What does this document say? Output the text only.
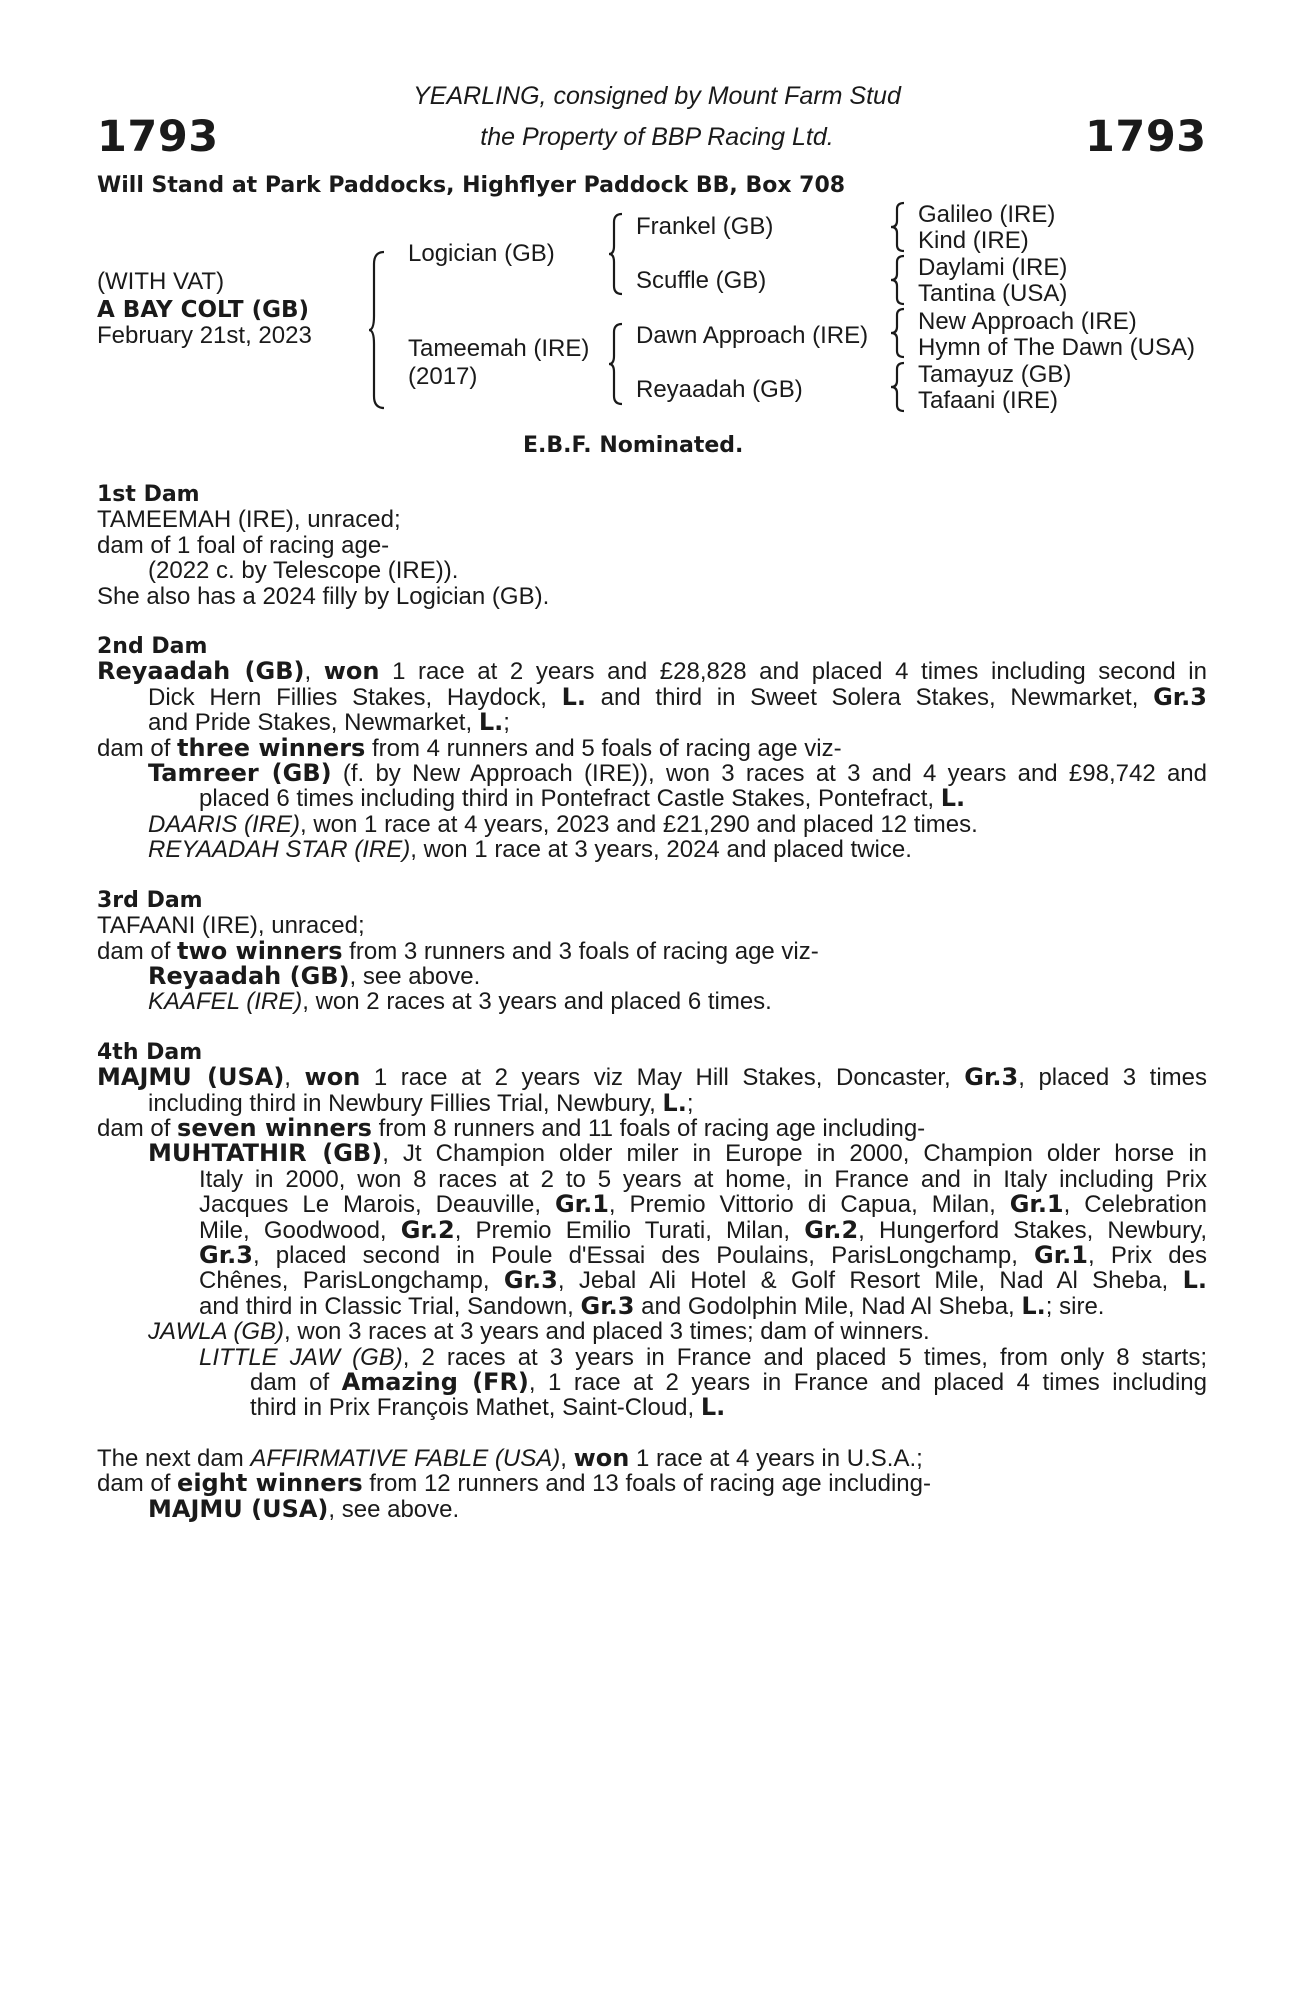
1793	1793
YEARLING, consigned by Mount Farm Stud
the Property of BBP Racing Ltd.
Will Stand at Park Paddocks, Highflyer Paddock BB, Box 708
(WITH VAT)
A BAY COLT (GB)
February 21st, 2023
Logician (GB)
Tameemah (IRE)
(2017)
Frankel (GB)
Scuffle (GB)
Dawn Approach (IRE)
Reyaadah (GB)
Galileo (IRE)
Kind (IRE)
Daylami (IRE)
Tantina (USA)
New Approach (IRE)
Hymn of The Dawn (USA)
Tamayuz (GB)
Tafaani (IRE)
E.B.F. Nominated.
1st Dam
TAMEEMAH (IRE), unraced;
dam of 1 foal of racing age-
(2022 c. by Telescope (IRE)).
She also has a 2024 filly by Logician (GB).
2nd Dam
Reyaadah (GB), won 1 race at 2 years and £28,828 and placed 4 times including second in
Dick Hern Fillies Stakes, Haydock, L. and third in Sweet Solera Stakes, Newmarket, Gr.3
and Pride Stakes, Newmarket, L.;
dam of three winners from 4 runners and 5 foals of racing age viz-
Tamreer (GB) (f. by New Approach (IRE)), won 3 races at 3 and 4 years and £98,742 and
placed 6 times including third in Pontefract Castle Stakes, Pontefract, L.
DAARIS (IRE), won 1 race at 4 years, 2023 and £21,290 and placed 12 times.
REYAADAH STAR (IRE), won 1 race at 3 years, 2024 and placed twice.
3rd Dam
TAFAANI (IRE), unraced;
dam of two winners from 3 runners and 3 foals of racing age viz-
Reyaadah (GB), see above.
KAAFEL (IRE), won 2 races at 3 years and placed 6 times.
4th Dam
MAJMU (USA), won 1 race at 2 years viz May Hill Stakes, Doncaster, Gr.3, placed 3 times
including third in Newbury Fillies Trial, Newbury, L.;
dam of seven winners from 8 runners and 11 foals of racing age including-
MUHTATHIR (GB), Jt Champion older miler in Europe in 2000, Champion older horse in
Italy in 2000, won 8 races at 2 to 5 years at home, in France and in Italy including Prix
Jacques Le Marois, Deauville, Gr.1, Premio Vittorio di Capua, Milan, Gr.1, Celebration
Mile, Goodwood, Gr.2, Premio Emilio Turati, Milan, Gr.2, Hungerford Stakes, Newbury,
Gr.3, placed second in Poule d'Essai des Poulains, ParisLongchamp, Gr.1, Prix des
Chênes, ParisLongchamp, Gr.3, Jebal Ali Hotel & Golf Resort Mile, Nad Al Sheba, L.
and third in Classic Trial, Sandown, Gr.3 and Godolphin Mile, Nad Al Sheba, L.; sire.
JAWLA (GB), won 3 races at 3 years and placed 3 times; dam of winners.
LITTLE JAW (GB), 2 races at 3 years in France and placed 5 times, from only 8 starts;
dam of Amazing (FR), 1 race at 2 years in France and placed 4 times including
third in Prix François Mathet, Saint-Cloud, L.
The next dam AFFIRMATIVE FABLE (USA), won 1 race at 4 years in U.S.A.;
dam of eight winners from 12 runners and 13 foals of racing age including-
MAJMU (USA), see above.
